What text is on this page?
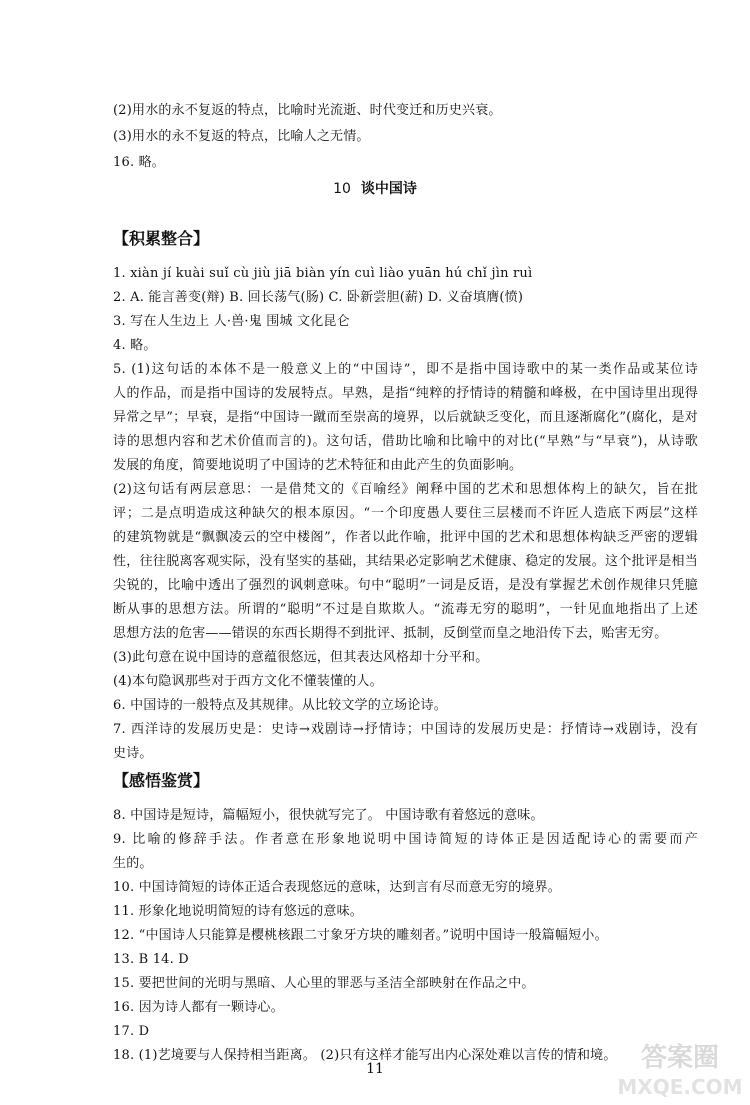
(2)用水的永不复返的特点，比喻时光流逝、时代变迁和历史兴衰。
(3)用水的永不复返的特点，比喻人之无情。
16. 略。
10 谈中国诗
【积累整合】
1. xiàn jí kuài suǐ cù jiù jiā biàn yín cuì liào yuān hú chǐ jìn ruì
2. A. 能言善变(辩) B. 回长荡气(肠) C. 卧新尝胆(薪) D. 义奋填膺(愤)
3. 写在人生边上 人·兽·鬼 围城 文化昆仑
4. 略。
5. (1)这句话的本体不是一般意义上的“中国诗”，即不是指中国诗歌中的某一类作品或某位诗
人的作品，而是指中国诗的发展特点。早熟，是指“纯粹的抒情诗的精髓和峰极，在中国诗里出现得
异常之早”；早衰，是指“中国诗一蹴而至崇高的境界，以后就缺乏变化，而且逐渐腐化”(腐化，是对
诗的思想内容和艺术价值而言的)。这句话，借助比喻和比喻中的对比(“早熟”与“早衰”)，从诗歌
发展的角度，简要地说明了中国诗的艺术特征和由此产生的负面影响。
(2)这句话有两层意思：一是借梵文的《百喻经》阐释中国的艺术和思想体构上的缺欠，旨在批
评；二是点明造成这种缺欠的根本原因。“一个印度愚人要住三层楼而不许匠人造底下两层”这样
的建筑物就是“飘飘凌云的空中楼阁”，作者以此作喻，批评中国的艺术和思想体构缺乏严密的逻辑
性，往往脱离客观实际，没有坚实的基础，其结果必定影响艺术健康、稳定的发展。这个批评是相当
尖锐的，比喻中透出了强烈的讽刺意味。句中“聪明”一词是反语，是没有掌握艺术创作规律只凭臆
断从事的思想方法。所谓的“聪明”不过是自欺欺人。“流毒无穷的聪明”，一针见血地指出了上述
思想方法的危害——错误的东西长期得不到批评、抵制，反倒堂而皇之地沿传下去，贻害无穷。
(3)此句意在说中国诗的意蕴很悠远，但其表达风格却十分平和。
(4)本句隐讽那些对于西方文化不懂装懂的人。
6. 中国诗的一般特点及其规律。从比较文学的立场论诗。
7. 西洋诗的发展历史是：史诗→戏剧诗→抒情诗；中国诗的发展历史是：抒情诗→戏剧诗，没有
史诗。
【感悟鉴赏】
8. 中国诗是短诗，篇幅短小，很快就写完了。 中国诗歌有着悠远的意味。
9. 比喻的修辞手法。作者意在形象地说明中国诗简短的诗体正是因适配诗心的需要而产
生的。
10. 中国诗简短的诗体正适合表现悠远的意味，达到言有尽而意无穷的境界。
11. 形象化地说明简短的诗有悠远的意味。
12. “中国诗人只能算是樱桃核跟二寸象牙方块的雕刻者。”说明中国诗一般篇幅短小。
13. B 14. D
15. 要把世间的光明与黑暗、人心里的罪恶与圣洁全部映射在作品之中。
16. 因为诗人都有一颗诗心。
17. D
18. (1)艺境要与人保持相当距离。 (2)只有这样才能写出内心深处难以言传的情和境。
11	答案圈
MXQE.COM
